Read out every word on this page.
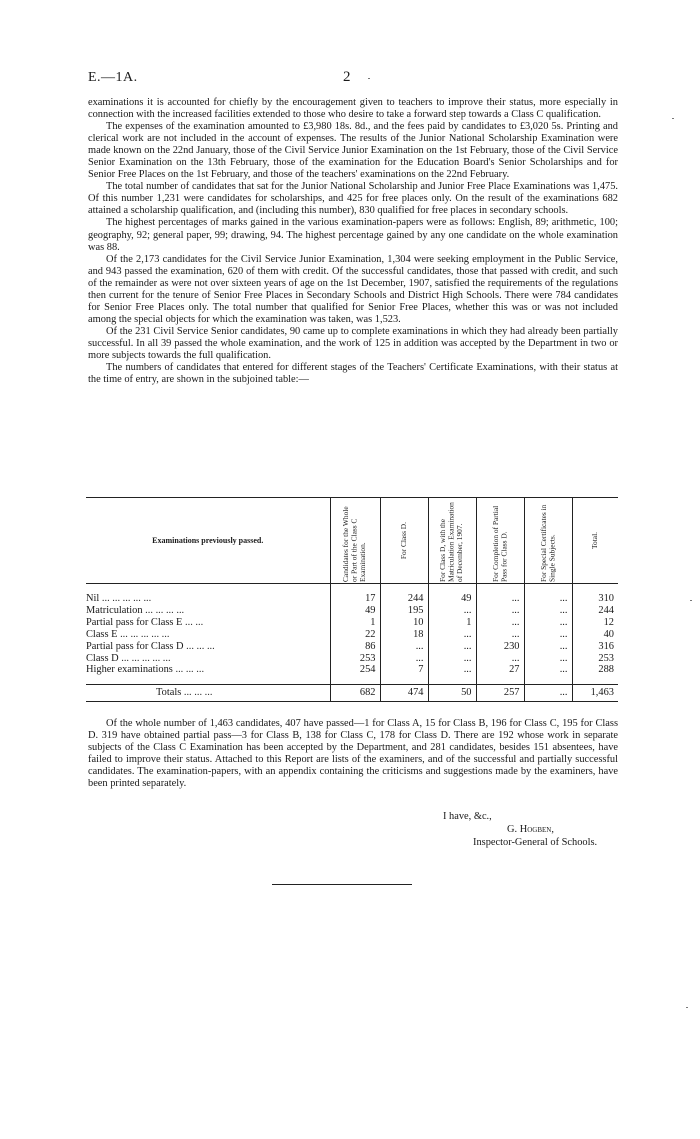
E.—1A.	2

examinations it is accounted for chiefly by the encouragement given to teachers to improve their status, more especially in connection with the increased facilities extended to those who desire to take a forward step towards a Class C qualification.

The expenses of the examination amounted to £3,980 18s. 8d., and the fees paid by candidates to £3,020 5s. Printing and clerical work are not included in the account of expenses. The results of the Junior National Scholarship Examination were made known on the 22nd January, those of the Civil Service Junior Examination on the 1st February, those of the Civil Service Senior Examination on the 13th February, those of the examination for the Education Board's Senior Scholarships and for Senior Free Places on the 1st February, and those of the teachers' examinations on the 22nd February.

The total number of candidates that sat for the Junior National Scholarship and Junior Free Place Examinations was 1,475. Of this number 1,231 were candidates for scholarships, and 425 for free places only. On the result of the examinations 682 attained a scholarship qualification, and (including this number), 830 qualified for free places in secondary schools.

The highest percentages of marks gained in the various examination-papers were as follows: English, 89; arithmetic, 100; geography, 92; general paper, 99; drawing, 94. The highest percentage gained by any one candidate on the whole examination was 88.

Of the 2,173 candidates for the Civil Service Junior Examination, 1,304 were seeking employment in the Public Service, and 943 passed the examination, 620 of them with credit. Of the successful candidates, those that passed with credit, and such of the remainder as were not over sixteen years of age on the 1st December, 1907, satisfied the requirements of the regulations then current for the tenure of Senior Free Places in Secondary Schools and District High Schools. There were 784 candidates for Senior Free Places only. The total number that qualified for Senior Free Places, whether this was or was not included among the special objects for which the examination was taken, was 1,523.

Of the 231 Civil Service Senior candidates, 90 came up to complete examinations in which they had already been partially successful. In all 39 passed the whole examination, and the work of 125 in addition was accepted by the Department in two or more subjects towards the full qualification.

The numbers of candidates that entered for different stages of the Teachers' Certificate Examinations, with their status at the time of entry, are shown in the subjoined table:—

Examinations previously passed.	Candidates for the Whole or Part of the Class C Examination.	For Class D.	For Class D, with the Matriculation Examination of December, 1907.	For Completion of Partial Pass for Class D.	For Special Certificates in Single Subjects.	Total.

Nil ... ... ... ... ...	17	244	49	...	...	310
Matriculation ... ... ... ...	49	195	...	...	...	244
Partial pass for Class E ... ...	1	10	1	...	...	12
Class E ... ... ... ... ...	22	18	...	...	...	40
Partial pass for Class D ... ... ...	86	...	...	230	...	316
Class D ... ... ... ... ...	253	...	...	...	...	253
Higher examinations ... ... ...	254	7	...	27	...	288

Totals ... ... ...	682	474	50	257	...	1,463

Of the whole number of 1,463 candidates, 407 have passed—1 for Class A, 15 for Class B, 196 for Class C, 195 for Class D. 319 have obtained partial pass—3 for Class B, 138 for Class C, 178 for Class D. There are 192 whose work in separate subjects of the Class C Examination has been accepted by the Department, and 281 candidates, besides 151 absentees, have failed to improve their status. Attached to this Report are lists of the examiners, and of the successful and partially successful candidates. The examination-papers, with an appendix containing the criticisms and suggestions made by the examiners, have been printed separately.

I have, &c.,
G. Hogben,
Inspector-General of Schools.
